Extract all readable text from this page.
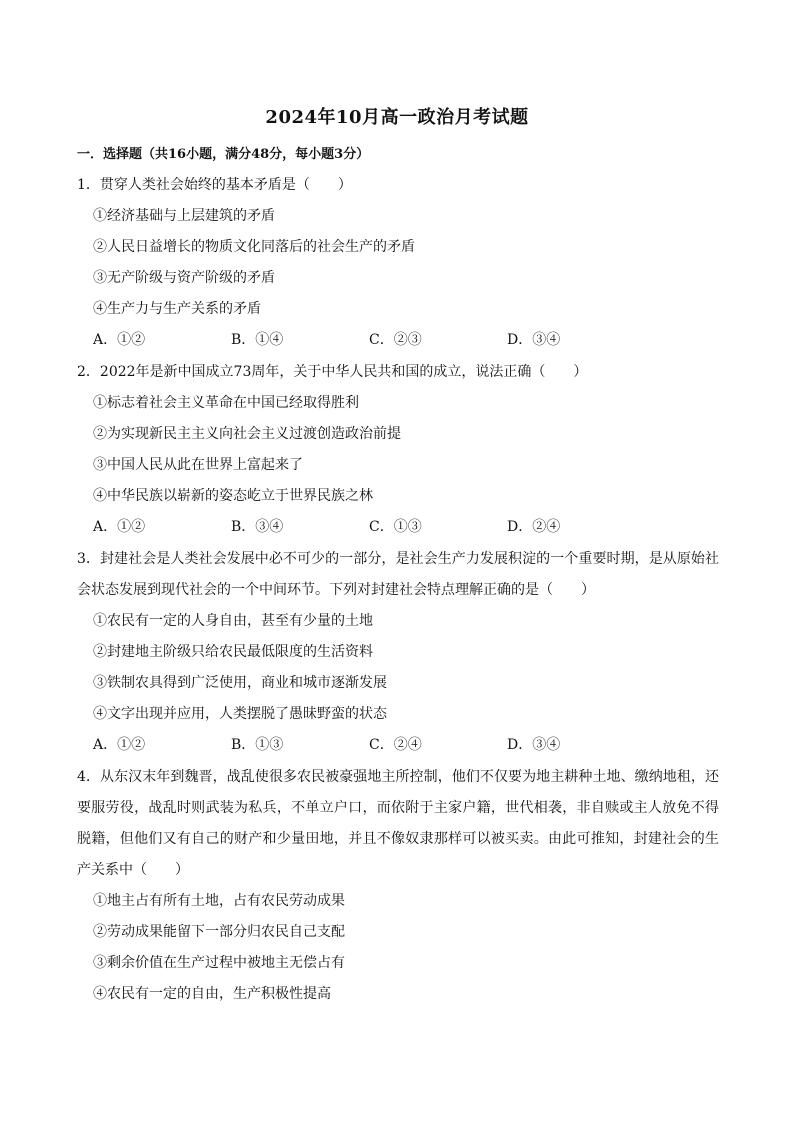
2024年10月高一政治月考试题
一．选择题（共16小题，满分48分，每小题3分）
1．贯穿人类社会始终的基本矛盾是（　　）
①经济基础与上层建筑的矛盾
②人民日益增长的物质文化同落后的社会生产的矛盾
③无产阶级与资产阶级的矛盾
④生产力与生产关系的矛盾
A．①②	B．①④	C．②③	D．③④
2．2022年是新中国成立73周年，关于中华人民共和国的成立，说法正确（　　）
①标志着社会主义革命在中国已经取得胜利
②为实现新民主主义向社会主义过渡创造政治前提
③中国人民从此在世界上富起来了
④中华民族以崭新的姿态屹立于世界民族之林
A．①②	B．③④	C．①③	D．②④
3．封建社会是人类社会发展中必不可少的一部分，是社会生产力发展积淀的一个重要时期，是从原始社会状态发展到现代社会的一个中间环节。下列对封建社会特点理解正确的是（　　）
①农民有一定的人身自由，甚至有少量的土地
②封建地主阶级只给农民最低限度的生活资料
③铁制农具得到广泛使用，商业和城市逐渐发展
④文字出现并应用，人类摆脱了愚昧野蛮的状态
A．①②	B．①③	C．②④	D．③④
4．从东汉末年到魏晋，战乱使很多农民被豪强地主所控制，他们不仅要为地主耕种土地、缴纳地租，还要服劳役，战乱时则武装为私兵，不单立户口，而依附于主家户籍，世代相袭，非自赎或主人放免不得脱籍，但他们又有自己的财产和少量田地，并且不像奴隶那样可以被买卖。由此可推知，封建社会的生产关系中（　　）
①地主占有所有土地，占有农民劳动成果
②劳动成果能留下一部分归农民自己支配
③剩余价值在生产过程中被地主无偿占有
④农民有一定的自由，生产积极性提高
